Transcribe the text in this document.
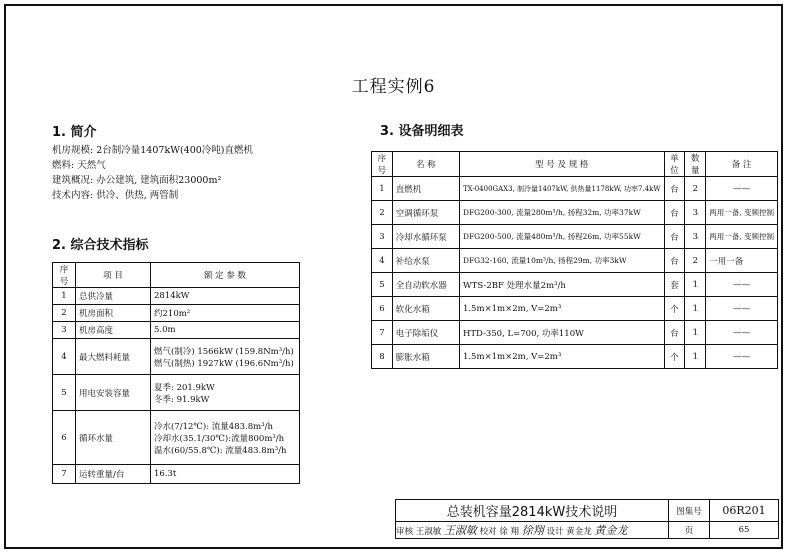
工程实例6
1. 简介
机房规模: 2台制冷量1407kW(400冷吨)直燃机
燃料: 天然气
建筑概况: 办公建筑, 建筑面积23000m²
技术内容: 供冷、供热, 两管制
2. 综合技术指标
序号	项 目	额 定 参 数
1	总供冷量	2814kW
2	机房面积	约210m²
3	机房高度	5.0m
4	最大燃料耗量	燃气(制冷) 1566kW (159.8Nm³/h)
燃气(制热) 1927kW (196.6Nm³/h)

5	用电安装容量	夏季: 201.9kW
冬季: 91.9kW

6	循环水量	冷水(7/12℃): 流量483.8m³/h
冷却水(35.1/30℃):流量800m³/h
温水(60/55.8℃): 流量483.8m³/h

7	运转重量/台	16.3t
3. 设备明细表
序号	名 称	型 号 及 规 格	单位	数量	备 注
1	直燃机	TX-0400GAX3, 制冷量1407kW, 供热量1178kW, 功率7.4kW	台	2	——
2	空调循环泵	DFG200-300, 流量280m³/h, 扬程32m, 功率37kW	台	3	两用一备, 变频控制
3	冷却水循环泵	DFG200-500, 流量480m³/h, 扬程26m, 功率55kW	台	3	两用一备, 变频控制
4	补给水泵	DFG32-160, 流量10m³/h, 扬程29m, 功率3kW	台	2	一用一备
5	全自动软水器	WTS-2BF 处理水量2m³/h	套	1	——
6	软化水箱	1.5m×1m×2m, V=2m³	个	1	——
7	电子除垢仪	HTD-350, L=700, 功率110W	台	1	——
8	膨胀水箱	1.5m×1m×2m, V=2m³	个	1	——
总装机容量2814kW技术说明	图集号	06R201
审核 王淑敏 王淑敏 校对 徐 翔 徐翔 设计 黄金龙 黄金龙	页	65
